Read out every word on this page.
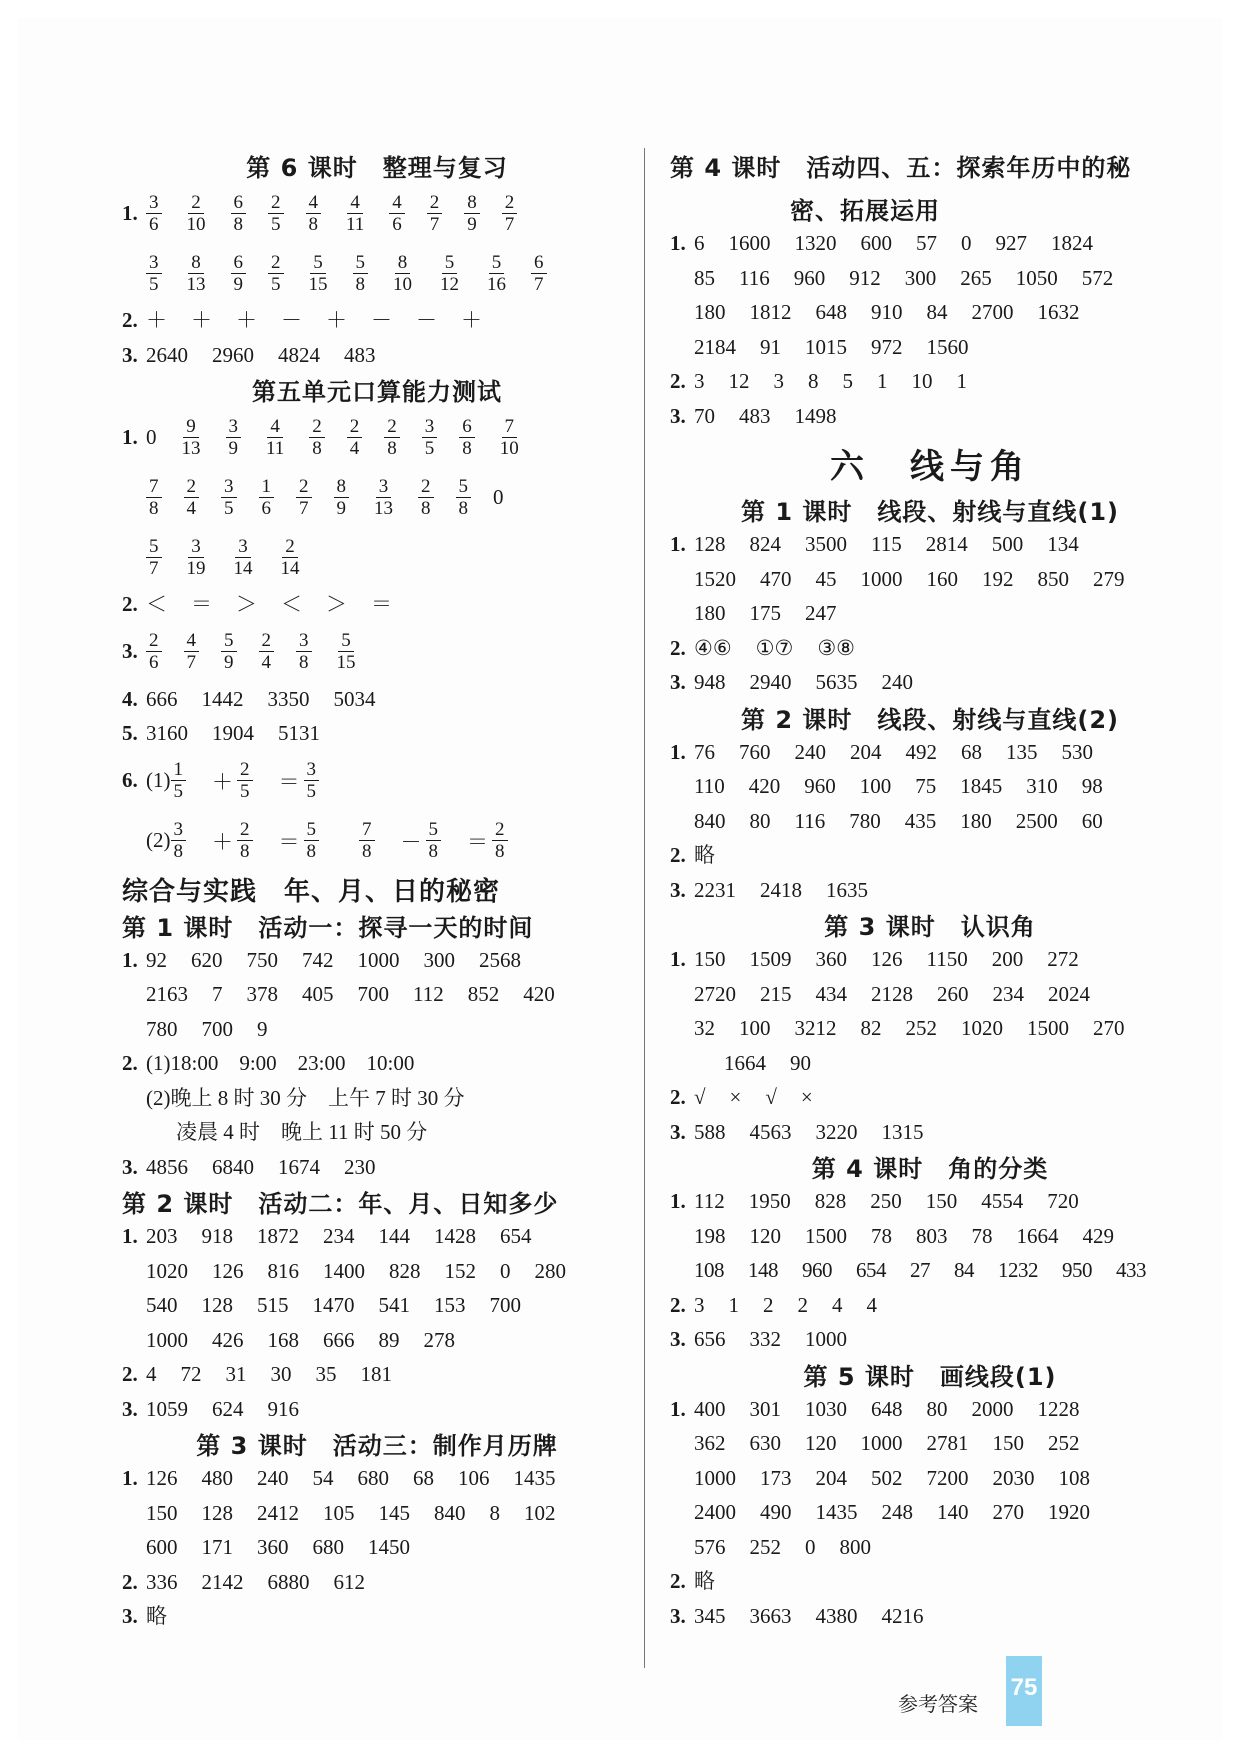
第 6 课时　整理与复习
1. $\frac{3}{6} \frac{2}{10} \frac{6}{8} \frac{2}{5} \frac{4}{8} \frac{4}{11} \frac{4}{6} \frac{2}{7} \frac{8}{9} \frac{2}{7}$
$\frac{3}{5} \frac{8}{13} \frac{6}{9} \frac{2}{5} \frac{5}{15} \frac{5}{8} \frac{8}{10} \frac{5}{12} \frac{5}{16} \frac{6}{7}$
2. ＋ ＋ ＋ － ＋ － － ＋
3. 2640 2960 4824 483
第五单元口算能力测试
1. $0 \frac{9}{13} \frac{3}{9} \frac{4}{11} \frac{2}{8} \frac{2}{4} \frac{2}{8} \frac{3}{5} \frac{6}{8} \frac{7}{10}$
$\frac{7}{8} \frac{2}{4} \frac{3}{5} \frac{1}{6} \frac{2}{7} \frac{8}{9} \frac{3}{13} \frac{2}{8} \frac{5}{8} 0$
$\frac{5}{7} \frac{3}{19} \frac{3}{14} \frac{2}{14}$
2. ＜ ＝ ＞ ＜ ＞ ＝
3. $\frac{2}{6} \frac{4}{7} \frac{5}{9} \frac{2}{4} \frac{3}{8} \frac{5}{15}$
4. 666 1442 3350 5034
5. 3160 1904 5131
6. $(1) \frac{1}{5} + \frac{2}{5} = \frac{3}{5}$
$(2) \frac{3}{8} + \frac{2}{8} = \frac{5}{8} \frac{7}{8} - \frac{5}{8} = \frac{2}{8}$
综合与实践　年、月、日的秘密
第 1 课时　活动一：探寻一天的时间
1. 92 620 750 742 1000 300 2568
2163 7 378 405 700 112 852 420
780 700 9
2. (1)18:00　9:00　23:00　10:00
(2)晚上 8 时 30 分　上午 7 时 30 分
凌晨 4 时　晚上 11 时 50 分
3. 4856 6840 1674 230
第 2 课时　活动二：年、月、日知多少
1. 203 918 1872 234 144 1428 654
1020 126 816 1400 828 152 0 280
540 128 515 1470 541 153 700
1000 426 168 666 89 278
2. 4 72 31 30 35 181
3. 1059 624 916
第 3 课时　活动三：制作月历牌
1. 126 480 240 54 680 68 106 1435
150 128 2412 105 145 840 8 102
600 171 360 680 1450
2. 336 2142 6880 612
3. 略
第 4 课时　活动四、五：探索年历中的秘
密、拓展运用
1. 6 1600 1320 600 57 0 927 1824
85 116 960 912 300 265 1050 572
180 1812 648 910 84 2700 1632
2184 91 1015 972 1560
2. 3 12 3 8 5 1 10 1
3. 70 483 1498
六　线与角
第 1 课时　线段、射线与直线(1)
1. 128 824 3500 115 2814 500 134
1520 470 45 1000 160 192 850 279
180 175 247
2. ④⑥ ①⑦ ③⑧
3. 948 2940 5635 240
第 2 课时　线段、射线与直线(2)
1. 76 760 240 204 492 68 135 530
110 420 960 100 75 1845 310 98
840 80 116 780 435 180 2500 60
2. 略
3. 2231 2418 1635
第 3 课时　认识角
1. 150 1509 360 126 1150 200 272
2720 215 434 2128 260 234 2024
32 100 3212 82 252 1020 1500 270
1664 90
2. √ × √ ×
3. 588 4563 3220 1315
第 4 课时　角的分类
1. 112 1950 828 250 150 4554 720
198 120 1500 78 803 78 1664 429
108 148 960 654 27 84 1232 950 433
2. 3 1 2 2 4 4
3. 656 332 1000
第 5 课时　画线段(1)
1. 400 301 1030 648 80 2000 1228
362 630 120 1000 2781 150 252
1000 173 204 502 7200 2030 108
2400 490 1435 248 140 270 1920
576 252 0 800
2. 略
3. 345 3663 4380 4216
参考答案
75
